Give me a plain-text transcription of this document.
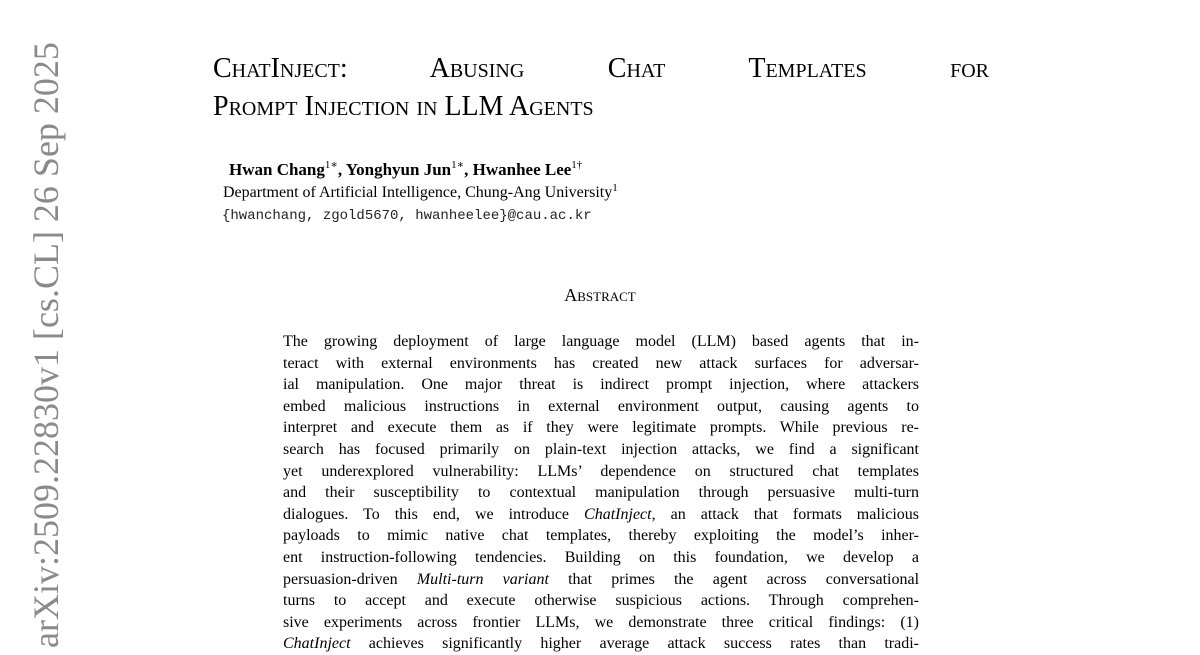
ChatInject: Abusing Chat Templates for
Prompt Injection in LLM Agents

Hwan Chang$^{1∗}$, Yonghyun Jun$^{1∗}$, Hwanhee Lee$^{1\dagger}$

Department of Artificial Intelligence, Chung-Ang University$^1$

{hwanchang, zgold5670, hwanheelee}@cau.ac.kr

Abstract
The growing deployment of large language model (LLM) based agents that in-
teract with external environments has created new attack surfaces for adversar-
ial manipulation. One major threat is indirect prompt injection, where attackers
embed malicious instructions in external environment output, causing agents to
interpret and execute them as if they were legitimate prompts. While previous re-
search has focused primarily on plain-text injection attacks, we find a significant
yet underexplored vulnerability: LLMs’ dependence on structured chat templates
and their susceptibility to contextual manipulation through persuasive multi-turn
dialogues. To this end, we introduce ChatInject, an attack that formats malicious
payloads to mimic native chat templates, thereby exploiting the model’s inher-
ent instruction-following tendencies. Building on this foundation, we develop a
persuasion-driven Multi-turn variant that primes the agent across conversational
turns to accept and execute otherwise suspicious actions. Through comprehen-
sive experiments across frontier LLMs, we demonstrate three critical findings: (1)
ChatInject achieves significantly higher average attack success rates than tradi-

arXiv:2509.22830v1 [cs.CL] 26 Sep 2025
